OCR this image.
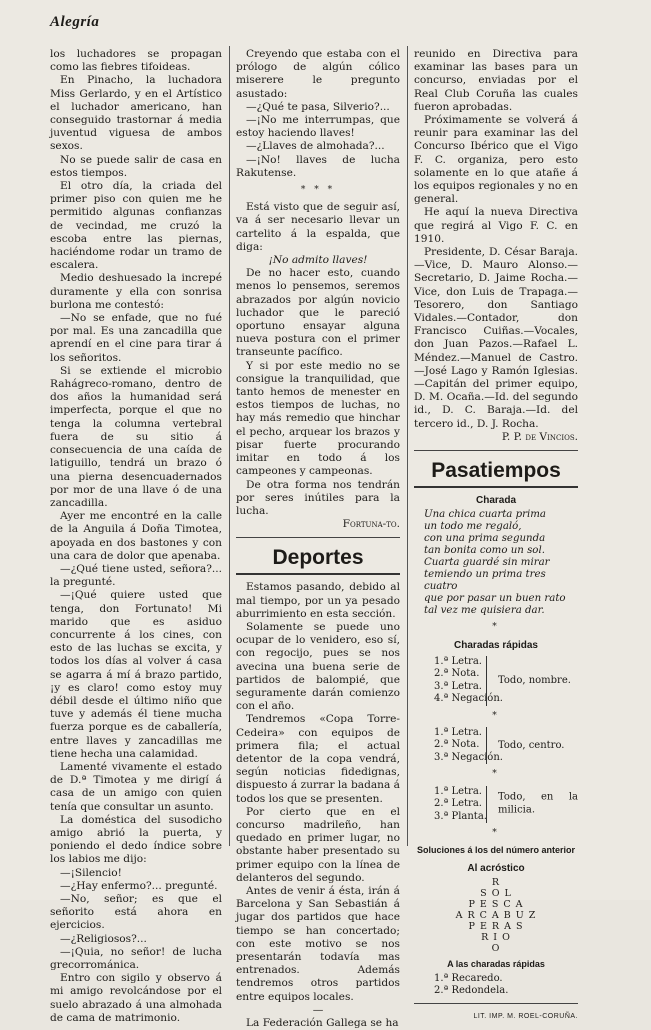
Alegría

los luchadores se propagan como las fiebres tifoideas.

En Pinacho, la luchadora Miss Gerlardo, y en el Artístico el luchador americano, han conseguido trastornar á media juventud viguesa de ambos sexos.

No se puede salir de casa en estos tiempos.

El otro día, la criada del primer piso con quien me he permitido algunas confianzas de vecindad, me cruzó la escoba entre las piernas, haciéndome rodar un tramo de escalera.

Medio deshuesado la increpé duramente y ella con sonrisa burlona me contestó:

—No se enfade, que no fué por mal. Es una zancadilla que aprendí en el cine para tirar á los señoritos.

Si se extiende el microbio Rahágreco-romano, dentro de dos años la humanidad será imperfecta, porque el que no tenga la columna vertebral fuera de su sitio á consecuencia de una caída de latiguillo, tendrá un brazo ó una pierna desencuadernados por mor de una llave ó de una zancadilla.

Ayer me encontré en la calle de la Anguila á Doña Timotea, apoyada en dos bastones y con una cara de dolor que apenaba.

—¿Qué tiene usted, señora?... la pregunté.

—¡Qué quiere usted que tenga, don Fortunato! Mi marido que es asiduo concurrente á los cines, con esto de las luchas se excita, y todos los días al volver á casa se agarra á mí á brazo partido, ¡y es claro! como estoy muy débil desde el último niño que tuve y además él tiene mucha fuerza porque es de caballería, entre llaves y zancadillas me tiene hecha una calamidad.

Lamenté vivamente el estado de D.ª Timotea y me dirigí á casa de un amigo con quien tenía que consultar un asunto.

La doméstica del susodicho amigo abrió la puerta, y poniendo el dedo índice sobre los labios me dijo:

—¡Silencio!

—¿Hay enfermo?... pregunté.

—No, señor; es que el señorito está ahora en ejercicios.

—¿Religiosos?...

—¡Quia, no señor! de lucha grecorrománica.

Entro con sigilo y observo á mi amigo revolcándose por el suelo abrazado á una almohada de cama de matrimonio.

Creyendo que estaba con el prólogo de algún cólico miserere le pregunto asustado:

—¿Qué te pasa, Silverio?...

—¡No me interrumpas, que estoy haciendo llaves!

—¿Llaves de almohada?...

—¡No! llaves de lucha Rakutense.

* * *

Está visto que de seguir así, va á ser necesario llevar un cartelito á la espalda, que diga:

¡No admito llaves!

De no hacer esto, cuando menos lo pensemos, seremos abrazados por algún novicio luchador que le pareció oportuno ensayar alguna nueva postura con el primer transeunte pacífico.

Y si por este medio no se consigue la tranquilidad, que tanto hemos de menester en estos tiempos de luchas, no hay más remedio que hinchar el pecho, arquear los brazos y pisar fuerte procurando imitar en todo á los campeones y campeonas.

De otra forma nos tendrán por seres inútiles para la lucha.

Fortuna-to.

Deportes

Estamos pasando, debido al mal tiempo, por un ya pesado aburrimiento en esta sección.

Solamente se puede uno ocupar de lo venidero, eso sí, con regocijo, pues se nos avecina una buena serie de partidos de balompié, que seguramente darán comienzo con el año.

Tendremos «Copa Torre-Cedeira» con equipos de primera fila; el actual detentor de la copa vendrá, según noticias fidedignas, dispuesto á zurrar la badana á todos los que se presenten.

Por cierto que en el concurso madrileño, han quedado en primer lugar, no obstante haber presentado su primer equipo con la línea de delanteros del segundo.

Antes de venir á ésta, irán á Barcelona y San Sebastián á jugar dos partidos que hace tiempo se han concertado; con este motivo se nos presentarán todavía mas entrenados. Además tendremos otros partidos entre equipos locales.

—

La Federación Gallega se ha

reunido en Directiva para examinar las bases para un concurso, enviadas por el Real Club Coruña las cuales fueron aprobadas.

Próximamente se volverá á reunir para examinar las del Concurso Ibérico que el Vigo F. C. organiza, pero esto solamente en lo que atañe á los equipos regionales y no en general.

He aquí la nueva Directiva que regirá al Vigo F. C. en 1910.

Presidente, D. César Baraja.—Vice, D. Mauro Alonso.—Secretario, D. Jaime Rocha.—Vice, don Luis de Trapaga.—Tesorero, don Santiago Vidales.—Contador, don Francisco Cuiñas.—Vocales, don Juan Pazos.—Rafael L. Méndez.—Manuel de Castro.—José Lago y Ramón Iglesias.—Capitán del primer equipo, D. M. Ocaña.—Id. del segundo id., D. C. Baraja.—Id. del tercero id., D. J. Rocha.

P. P. de Vincios.

Pasatiempos
Charada
Una chica cuarta prima
un todo me regaló,
con una prima segunda
tan bonita como un sol.
Cuarta guardé sin mirar
temiendo un prima tres cuatro
que por pasar un buen rato
tal vez me quisiera dar.
*
Charadas rápidas
1.ª Letra.
2.ª Nota.
3.ª Letra.
4.ª Negación.
Todo, nombre.
*
1.ª Letra.
2.ª Nota.
3.ª Negación.
Todo, centro.
*
1.ª Letra.
2.ª Letra.
3.ª Planta.
Todo, en la milicia.
*
Soluciones á los del número anterior
Al acróstico
R
S O L
P E S C A
A R C A B U Z
P E R A S
R I O
O
A las charadas rápidas
1.ª Recaredo.
2.ª Redondela.
LIT. IMP. M. ROEL-CORUÑA.
